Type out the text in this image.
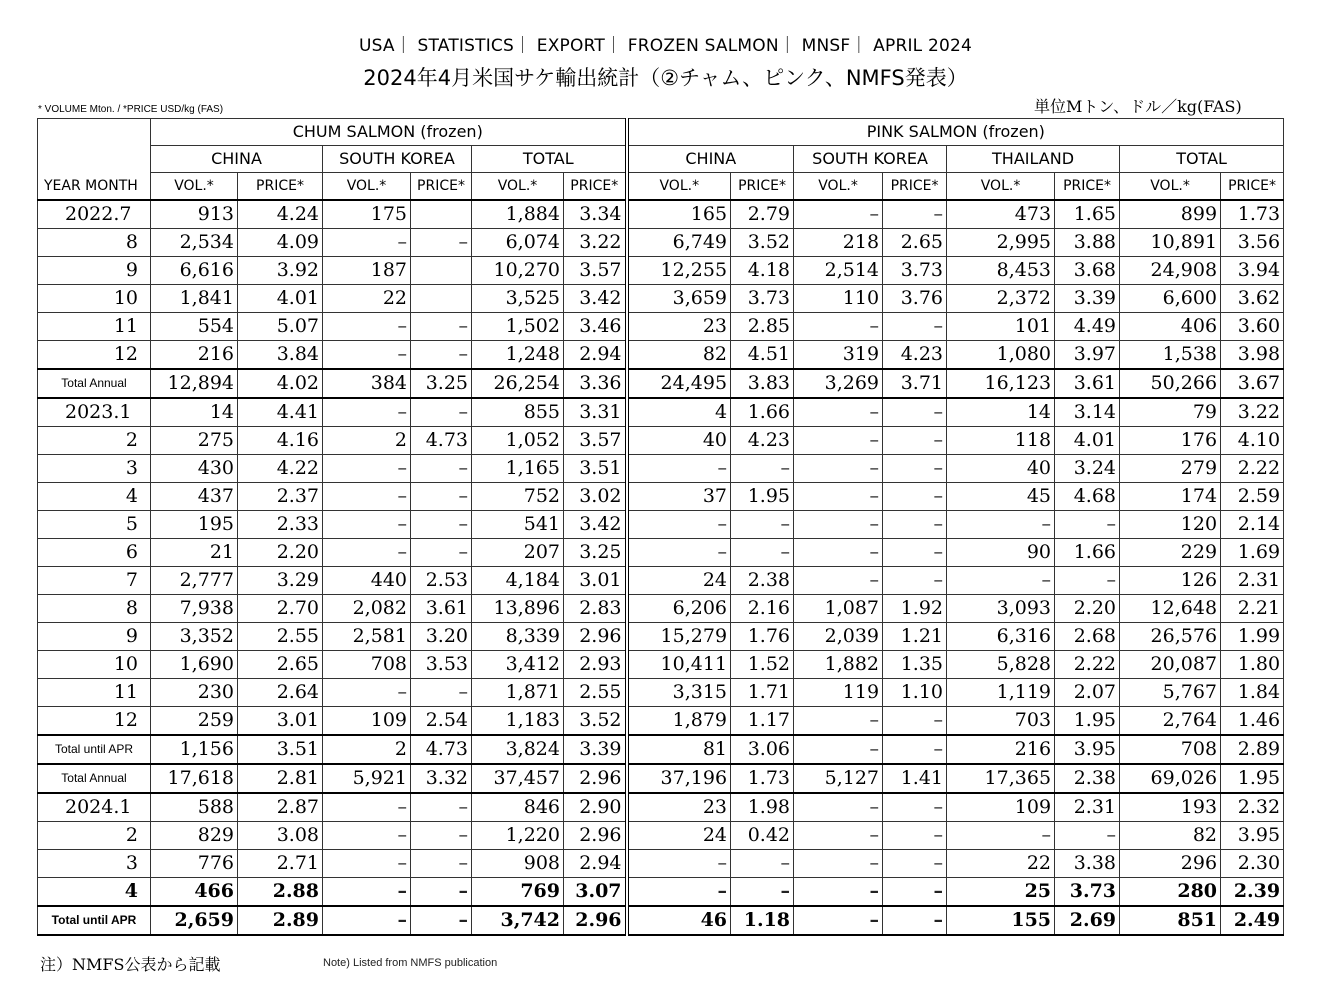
USA｜ STATISTICS｜ EXPORT｜ FROZEN SALMON｜ MNSF｜ APRIL 2024
2024年4月米国サケ輸出統計（②チャム、ピンク、NMFS発表）
* VOLUME Mton. / *PRICE USD/kg (FAS)	単位Mトン、ドル／kg(FAS)
YEAR MONTH	CHUM SALMON (frozen)						PINK SALMON (frozen)							
	CHINA		SOUTH KOREA		TOTAL		CHINA		SOUTH KOREA		THAILAND		TOTAL	
	VOL.*	PRICE*	VOL.*	PRICE*	VOL.*	PRICE*	VOL.*	PRICE*	VOL.*	PRICE*	VOL.*	PRICE*	VOL.*	PRICE*
2022.7	913	4.24	175		1,884	3.34	165	2.79	–	–	473	1.65	899	1.73
8	2,534	4.09	–	–	6,074	3.22	6,749	3.52	218	2.65	2,995	3.88	10,891	3.56
9	6,616	3.92	187		10,270	3.57	12,255	4.18	2,514	3.73	8,453	3.68	24,908	3.94
10	1,841	4.01	22		3,525	3.42	3,659	3.73	110	3.76	2,372	3.39	6,600	3.62
11	554	5.07	–	–	1,502	3.46	23	2.85	–	–	101	4.49	406	3.60
12	216	3.84	–	–	1,248	2.94	82	4.51	319	4.23	1,080	3.97	1,538	3.98
Total Annual	12,894	4.02	384	3.25	26,254	3.36	24,495	3.83	3,269	3.71	16,123	3.61	50,266	3.67
2023.1	14	4.41	–	–	855	3.31	4	1.66	–	–	14	3.14	79	3.22
2	275	4.16	2	4.73	1,052	3.57	40	4.23	–	–	118	4.01	176	4.10
3	430	4.22	–	–	1,165	3.51	–	–	–	–	40	3.24	279	2.22
4	437	2.37	–	–	752	3.02	37	1.95	–	–	45	4.68	174	2.59
5	195	2.33	–	–	541	3.42	–	–	–	–	–	–	120	2.14
6	21	2.20	–	–	207	3.25	–	–	–	–	90	1.66	229	1.69
7	2,777	3.29	440	2.53	4,184	3.01	24	2.38	–	–	–	–	126	2.31
8	7,938	2.70	2,082	3.61	13,896	2.83	6,206	2.16	1,087	1.92	3,093	2.20	12,648	2.21
9	3,352	2.55	2,581	3.20	8,339	2.96	15,279	1.76	2,039	1.21	6,316	2.68	26,576	1.99
10	1,690	2.65	708	3.53	3,412	2.93	10,411	1.52	1,882	1.35	5,828	2.22	20,087	1.80
11	230	2.64	–	–	1,871	2.55	3,315	1.71	119	1.10	1,119	2.07	5,767	1.84
12	259	3.01	109	2.54	1,183	3.52	1,879	1.17	–	–	703	1.95	2,764	1.46
Total until APR	1,156	3.51	2	4.73	3,824	3.39	81	3.06	–	–	216	3.95	708	2.89
Total Annual	17,618	2.81	5,921	3.32	37,457	2.96	37,196	1.73	5,127	1.41	17,365	2.38	69,026	1.95
2024.1	588	2.87	–	–	846	2.90	23	1.98	–	–	109	2.31	193	2.32
2	829	3.08	–	–	1,220	2.96	24	0.42	–	–	–	–	82	3.95
3	776	2.71	–	–	908	2.94	–	–	–	–	22	3.38	296	2.30
4	466	2.88	–	–	769	3.07	–	–	–	–	25	3.73	280	2.39
Total until APR	2,659	2.89	–	–	3,742	2.96	46	1.18	–	–	155	2.69	851	2.49
注）NMFS公表から記載	Note) Listed from NMFS publication
